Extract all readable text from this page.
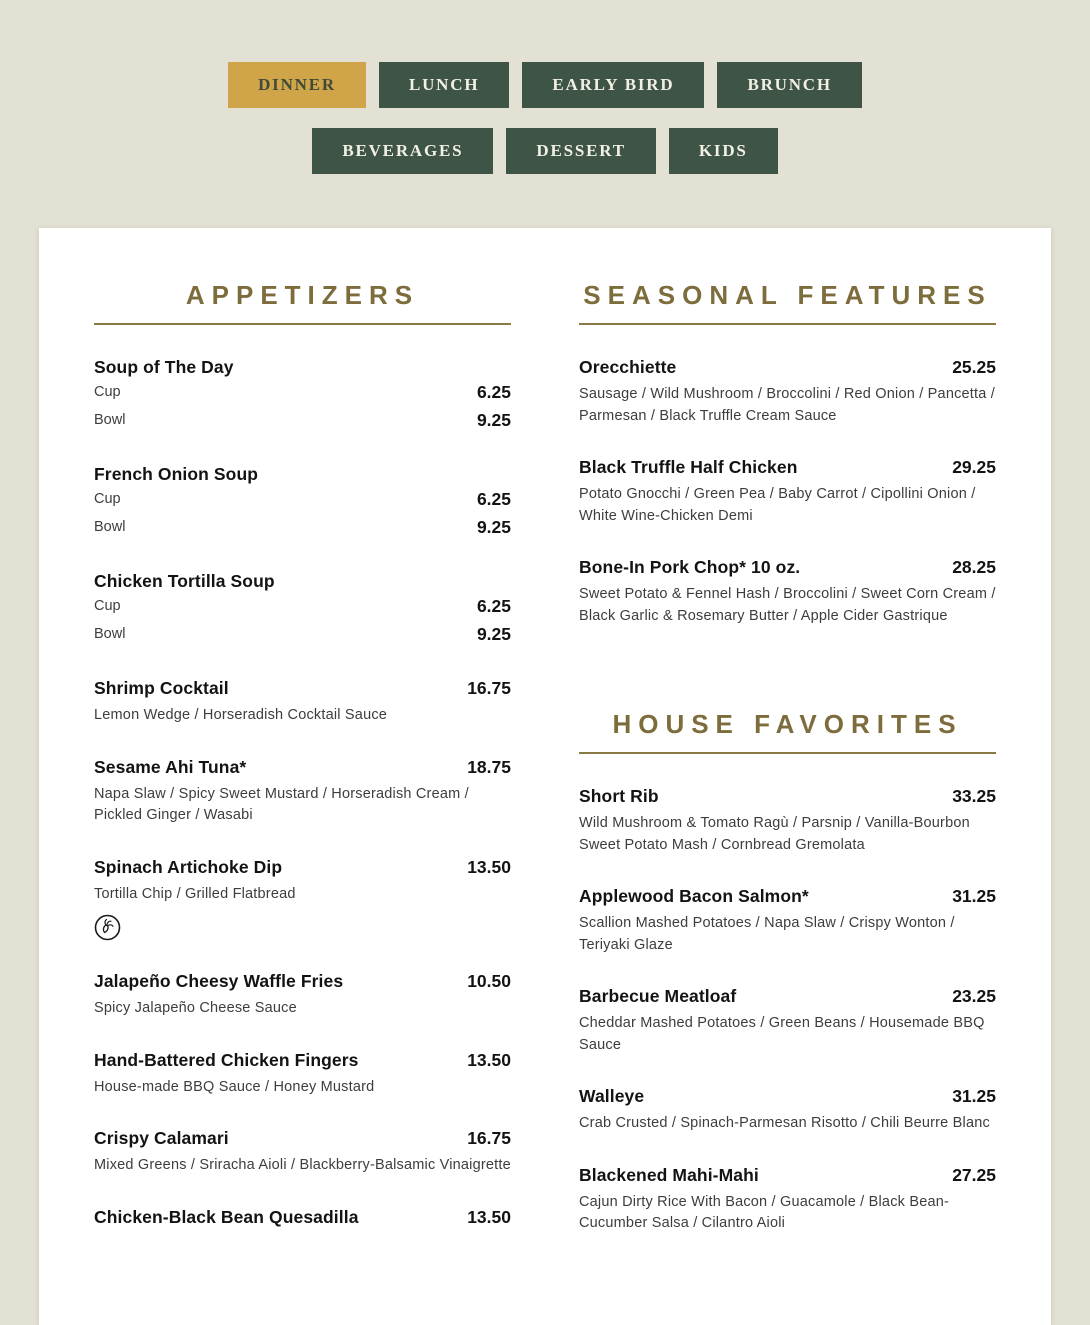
DINNER	LUNCH	EARLY BIRD	BRUNCH
BEVERAGES	DESSERT	KIDS
APPETIZERS
Soup of The Day
Cup	6.25
Bowl	9.25
French Onion Soup
Cup	6.25
Bowl	9.25
Chicken Tortilla Soup
Cup	6.25
Bowl	9.25
Shrimp Cocktail	16.75
Lemon Wedge / Horseradish Cocktail Sauce
Sesame Ahi Tuna*	18.75
Napa Slaw / Spicy Sweet Mustard / Horseradish Cream / Pickled Ginger / Wasabi
Spinach Artichoke Dip	13.50
Tortilla Chip / Grilled Flatbread
Jalapeño Cheesy Waffle Fries	10.50
Spicy Jalapeño Cheese Sauce
Hand-Battered Chicken Fingers	13.50
House-made BBQ Sauce / Honey Mustard
Crispy Calamari	16.75
Mixed Greens / Sriracha Aioli / Blackberry-Balsamic Vinaigrette
Chicken-Black Bean Quesadilla	13.50
SEASONAL FEATURES
Orecchiette	25.25
Sausage / Wild Mushroom / Broccolini / Red Onion / Pancetta / Parmesan / Black Truffle Cream Sauce
Black Truffle Half Chicken	29.25
Potato Gnocchi / Green Pea / Baby Carrot / Cipollini Onion / White Wine-Chicken Demi
Bone-In Pork Chop* 10 oz.	28.25
Sweet Potato & Fennel Hash / Broccolini / Sweet Corn Cream / Black Garlic & Rosemary Butter / Apple Cider Gastrique
HOUSE FAVORITES
Short Rib	33.25
Wild Mushroom & Tomato Ragù / Parsnip / Vanilla-Bourbon Sweet Potato Mash / Cornbread Gremolata
Applewood Bacon Salmon*	31.25
Scallion Mashed Potatoes / Napa Slaw / Crispy Wonton / Teriyaki Glaze
Barbecue Meatloaf	23.25
Cheddar Mashed Potatoes / Green Beans / Housemade BBQ Sauce
Walleye	31.25
Crab Crusted / Spinach-Parmesan Risotto / Chili Beurre Blanc
Blackened Mahi-Mahi	27.25
Cajun Dirty Rice With Bacon / Guacamole / Black Bean-Cucumber Salsa / Cilantro Aioli
